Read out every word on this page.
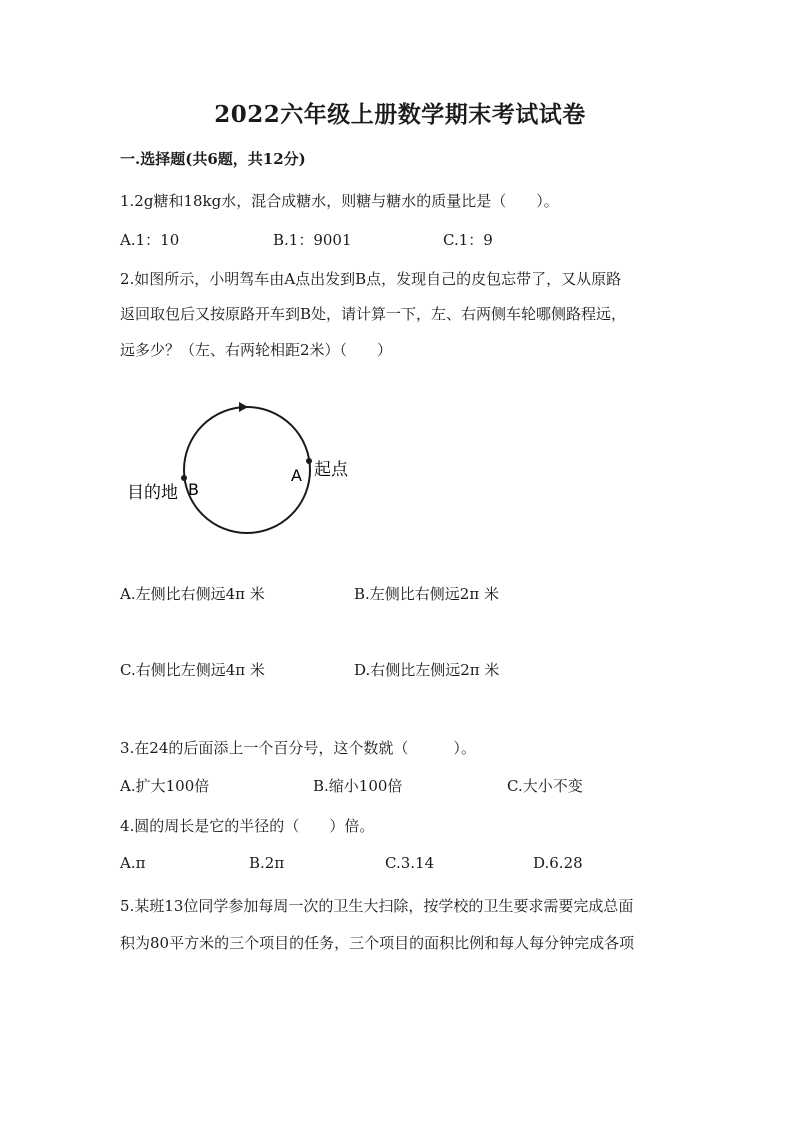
2022六年级上册数学期末考试试卷
一.选择题(共6题，共12分)
1.2g糖和18kg水，混合成糖水，则糖与糖水的质量比是（　　）。
A.1：10	B.1：9001	C.1：9
2.如图所示，小明驾车由A点出发到B点，发现自己的皮包忘带了，又从原路
返回取包后又按原路开车到B处，请计算一下，左、右两侧车轮哪侧路程远，
远多少？（左、右两轮相距2米）（　　）
B
A 起点
目的地
A.左侧比右侧远4π 米	B.左侧比右侧远2π 米
C.右侧比左侧远4π 米	D.右侧比左侧远2π 米
3.在24的后面添上一个百分号，这个数就（　　　）。
A.扩大100倍	B.缩小100倍	C.大小不变
4.圆的周长是它的半径的（　　）倍。
A.π	B.2π	C.3.14	D.6.28
5.某班13位同学参加每周一次的卫生大扫除，按学校的卫生要求需要完成总面
积为80平方米的三个项目的任务，三个项目的面积比例和每人每分钟完成各项
